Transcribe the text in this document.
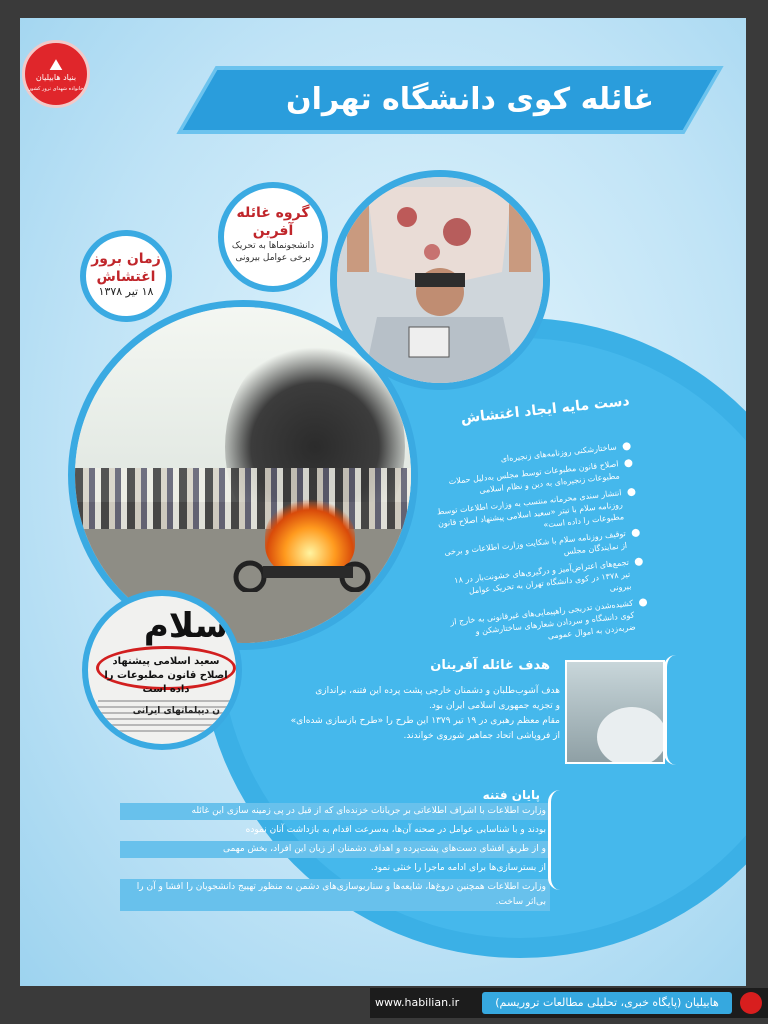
⛰
بنیاد هابیلیان
خانواده شهدای ترور کشور	غائله کوی دانشگاه تهران
زمان بروز اغتشاش
۱۸ تیر ۱۳۷۸
گروه غائله آفرین
دانشجونماها به تحریک برخی عوامل بیرونی
سلام
سعید اسلامی پیشنهاد اصلاح قانون مطبوعات را داده است
ن دیپلماتهای ایرانی
دست مایه ایجاد اغتشاش
ساختارشکنی روزنامه‌های زنجیره‌ای
اصلاح قانون مطبوعات توسط مجلس به‌دلیل حملات مطبوعات زنجیره‌ای به دین و نظام اسلامی
انتشار سندی محرمانه منتسب به وزارت اطلاعات توسط روزنامه سلام با تیتر «سعید اسلامی پیشنهاد اصلاح قانون مطبوعات را داده است»
توقیف روزنامه سلام با شکایت وزارت اطلاعات و برخی از نمایندگان مجلس
تجمع‌های اعتراض‌آمیز و درگیری‌های خشونت‌بار در ۱۸ تیر ۱۳۷۸ در کوی دانشگاه تهران به تحریک عوامل بیرونی
کشیده‌شدن تدریجی راهپیمایی‌های غیرقانونی به خارج از کوی دانشگاه و سردادن شعارهای ساختارشکن و ضربه‌زدن به اموال عمومی
هدف غائله آفرینان
هدف آشوب‌طلبان و دشمنان خارجی پشت پرده این فتنه، براندازی
و تجزیه جمهوری اسلامی ایران بود.
مقام معظم رهبری در ۱۹ تیر ۱۳۷۹ این طرح را «طرح بازسازی شده‌ای»
از فروپاشی اتحاد جماهیر شوروی خواندند.
پایان فتنه
وزارت اطلاعات با اشراف اطلاعاتی بر جریانات خزنده‌ای که از قبل در پی زمینه سازی این غائله
بودند و با شناسایی عوامل در صحنه آن‌ها، به‌سرعت اقدام به بازداشت آنان نموده
و از طریق افشای دست‌های پشت‌پرده و اهداف دشمنان از زبان این افراد، بخش مهمی
از بسترسازی‌ها برای ادامه ماجرا را خنثی نمود.
وزارت اطلاعات همچنین دروغ‌ها، شایعه‌ها و سناریوسازی‌های دشمن به منظور تهییج دانشجویان را افشا و آن را بی‌اثر ساخت.
www.habilian.ir	هابیلیان (پایگاه خبری، تحلیلی مطالعات تروریسم)
